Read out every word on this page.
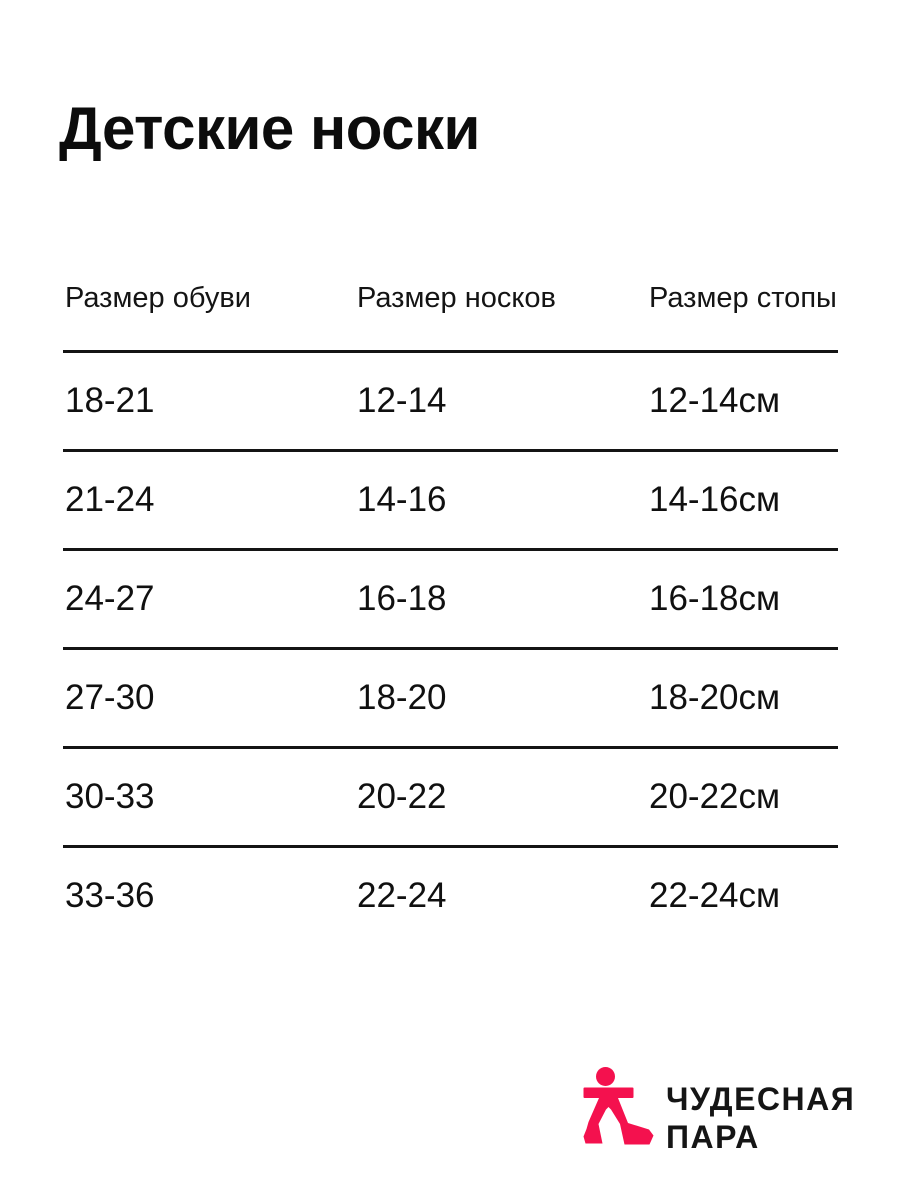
Детские носки
Размер обуви	Размер носков	Размер стопы
18-21	12-14	12-14см
21-24	14-16	14-16см
24-27	16-18	16-18см
27-30	18-20	18-20см
30-33	20-22	20-22см
33-36	22-24	22-24см
ЧУДЕСНАЯ
ПАРА
